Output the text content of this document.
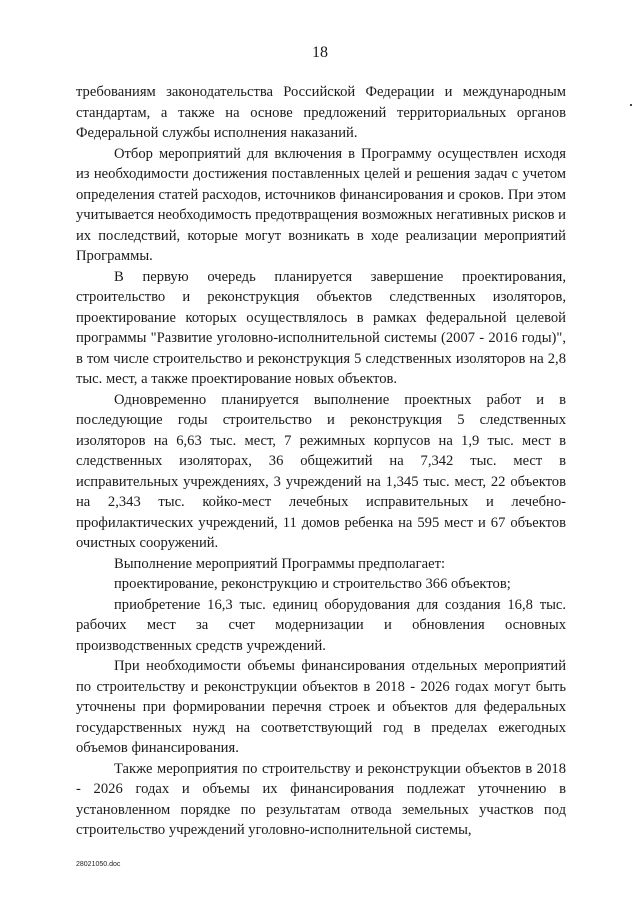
18

требованиям законодательства Российской Федерации и международным стандартам, а также на основе предложений территориальных органов Федеральной службы исполнения наказаний.

Отбор мероприятий для включения в Программу осуществлен исходя из необходимости достижения поставленных целей и решения задач с учетом определения статей расходов, источников финансирования и сроков. При этом учитывается необходимость предотвращения возможных негативных рисков и их последствий, которые могут возникать в ходе реализации мероприятий Программы.

В первую очередь планируется завершение проектирования, строительство и реконструкция объектов следственных изоляторов, проектирование которых осуществлялось в рамках федеральной целевой программы "Развитие уголовно-исполнительной системы (2007 - 2016 годы)", в том числе строительство и реконструкция 5 следственных изоляторов на 2,8 тыс. мест, а также проектирование новых объектов.

Одновременно планируется выполнение проектных работ и в последующие годы строительство и реконструкция 5 следственных изоляторов на 6,63 тыс. мест, 7 режимных корпусов на 1,9 тыс. мест в следственных изоляторах, 36 общежитий на 7,342 тыс. мест в исправительных учреждениях, 3 учреждений на 1,345 тыс. мест, 22 объектов на 2,343 тыс. койко-мест лечебных исправительных и лечебно-профилактических учреждений, 11 домов ребенка на 595 мест и 67 объектов очистных сооружений.

Выполнение мероприятий Программы предполагает:

проектирование, реконструкцию и строительство 366 объектов;

приобретение 16,3 тыс. единиц оборудования для создания 16,8 тыс. рабочих мест за счет модернизации и обновления основных производственных средств учреждений.

При необходимости объемы финансирования отдельных мероприятий по строительству и реконструкции объектов в 2018 - 2026 годах могут быть уточнены при формировании перечня строек и объектов для федеральных государственных нужд на соответствующий год в пределах ежегодных объемов финансирования.

Также мероприятия по строительству и реконструкции объектов в 2018 - 2026 годах и объемы их финансирования подлежат уточнению в установленном порядке по результатам отвода земельных участков под строительство учреждений уголовно-исполнительной системы,

28021050.doc
